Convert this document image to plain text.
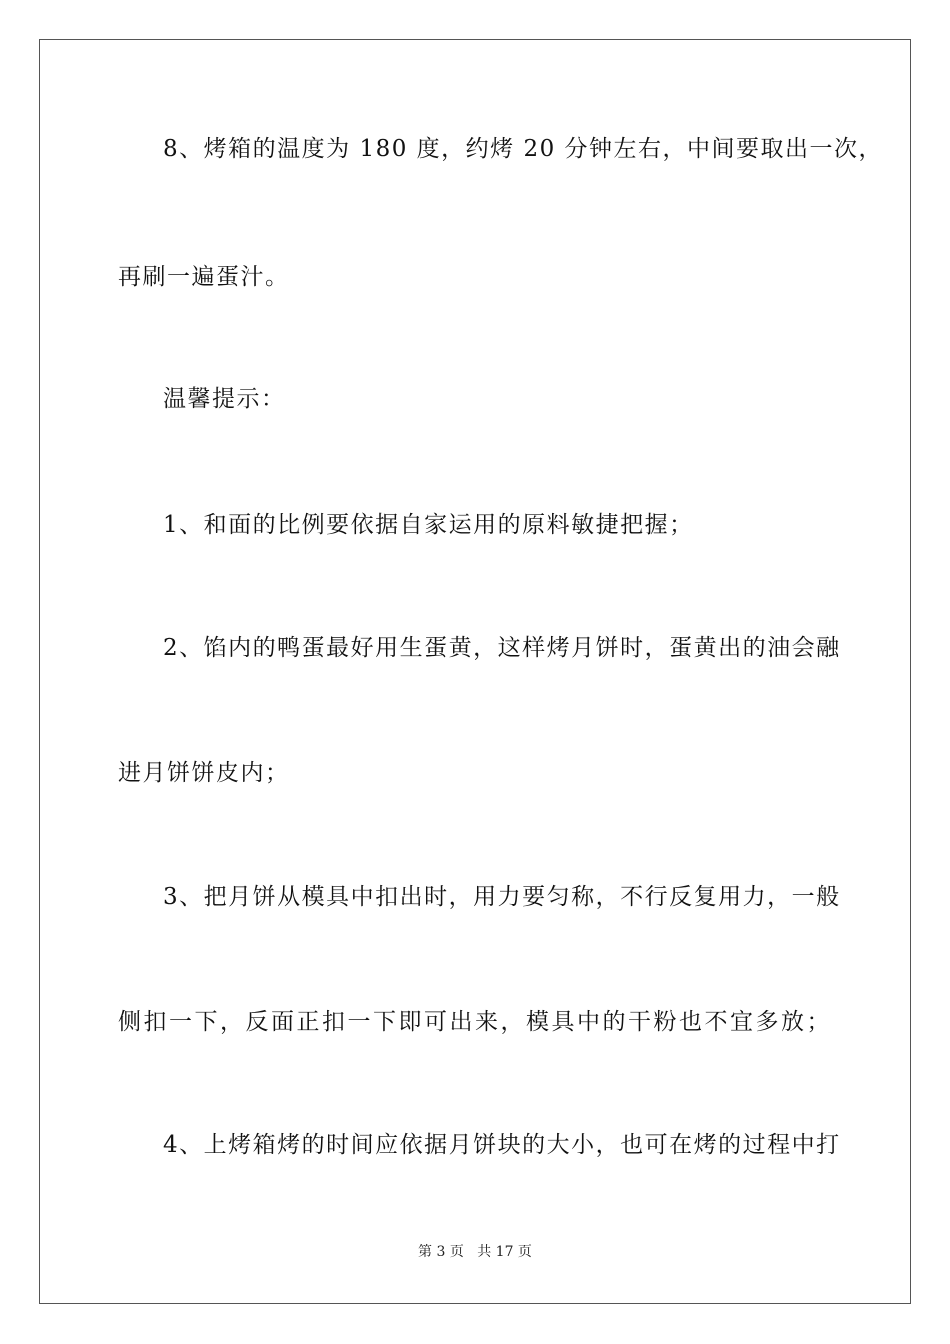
8、烤箱的温度为 180 度，约烤 20 分钟左右，中间要取出一次，
再刷一遍蛋汁。
温馨提示：
1、和面的比例要依据自家运用的原料敏捷把握；
2、馅内的鸭蛋最好用生蛋黄，这样烤月饼时，蛋黄出的油会融
进月饼饼皮内；
3、把月饼从模具中扣出时，用力要匀称，不行反复用力，一般
侧扣一下，反面正扣一下即可出来，模具中的干粉也不宜多放；
4、上烤箱烤的时间应依据月饼块的大小，也可在烤的过程中打
第 3 页 共 17 页
